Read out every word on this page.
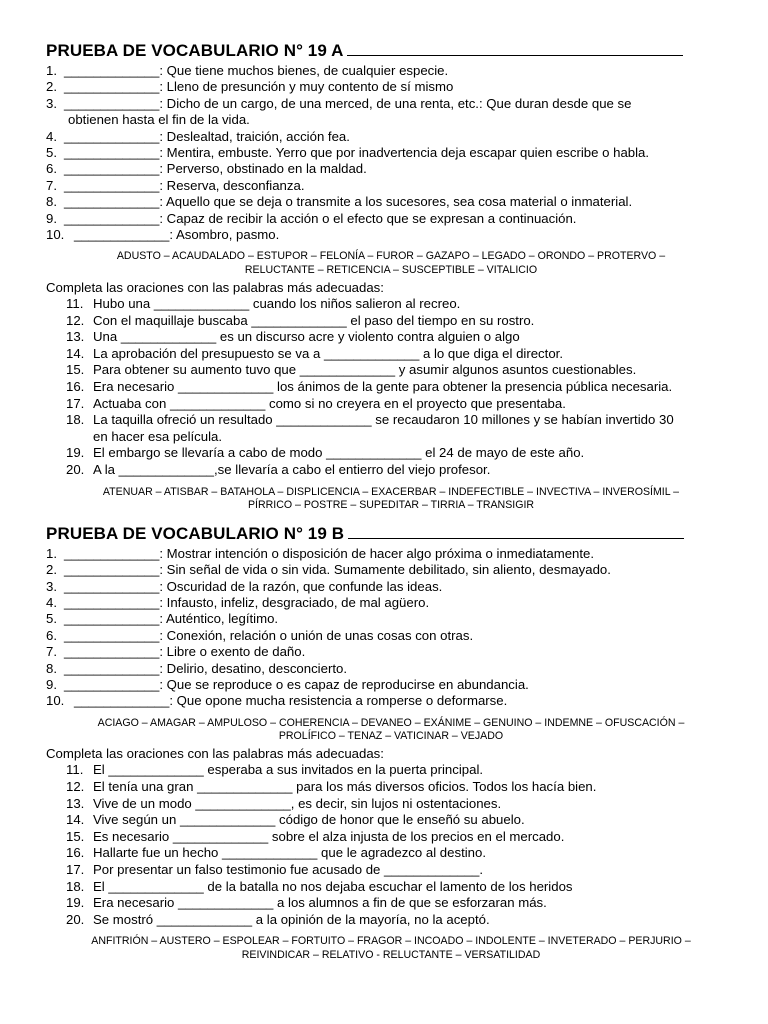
PRUEBA DE VOCABULARIO N° 19 A
1. _____________: Que tiene muchos bienes, de cualquier especie.
2. _____________: Lleno de presunción y muy contento de sí mismo
3. _____________: Dicho de un cargo, de una merced, de una renta, etc.: Que duran desde que se
obtienen hasta el fin de la vida.
4. _____________: Deslealtad, traición, acción fea.
5. _____________: Mentira, embuste. Yerro que por inadvertencia deja escapar quien escribe o habla.
6. _____________: Perverso, obstinado en la maldad.
7. _____________: Reserva, desconfianza.
8. _____________: Aquello que se deja o transmite a los sucesores, sea cosa material o inmaterial.
9. _____________: Capaz de recibir la acción o el efecto que se expresan a continuación.
10. _____________: Asombro, pasmo.
ADUSTO – ACAUDALADO – ESTUPOR – FELONÍA – FUROR – GAZAPO – LEGADO – ORONDO – PROTERVO –
RELUCTANTE – RETICENCIA – SUSCEPTIBLE – VITALICIO
Completa las oraciones con las palabras más adecuadas:
11. Hubo una _____________ cuando los niños salieron al recreo.
12. Con el maquillaje buscaba _____________ el paso del tiempo en su rostro.
13. Una _____________ es un discurso acre y violento contra alguien o algo
14. La aprobación del presupuesto se va a _____________ a lo que diga el director.
15. Para obtener su aumento tuvo que _____________ y asumir algunos asuntos cuestionables.
16. Era necesario _____________ los ánimos de la gente para obtener la presencia pública necesaria.
17. Actuaba con _____________ como si no creyera en el proyecto que presentaba.
18. La taquilla ofreció un resultado _____________ se recaudaron 10 millones y se habían invertido 30
en hacer esa película.
19. El embargo se llevaría a cabo de modo _____________ el 24 de mayo de este año.
20. A la _____________,se llevaría a cabo el entierro del viejo profesor.
ATENUAR – ATISBAR – BATAHOLA – DISPLICENCIA – EXACERBAR – INDEFECTIBLE – INVECTIVA – INVEROSÍMIL –
PÍRRICO – POSTRE – SUPEDITAR – TIRRIA – TRANSIGIR
PRUEBA DE VOCABULARIO N° 19 B
1. _____________: Mostrar intención o disposición de hacer algo próxima o inmediatamente.
2. _____________: Sin señal de vida o sin vida. Sumamente debilitado, sin aliento, desmayado.
3. _____________: Oscuridad de la razón, que confunde las ideas.
4. _____________: Infausto, infeliz, desgraciado, de mal agüero.
5. _____________: Auténtico, legítimo.
6. _____________: Conexión, relación o unión de unas cosas con otras.
7. _____________: Libre o exento de daño.
8. _____________: Delirio, desatino, desconcierto.
9. _____________: Que se reproduce o es capaz de reproducirse en abundancia.
10. _____________: Que opone mucha resistencia a romperse o deformarse.
ACIAGO – AMAGAR – AMPULOSO – COHERENCIA – DEVANEO – EXÁNIME – GENUINO – INDEMNE – OFUSCACIÓN –
PROLÍFICO – TENAZ – VATICINAR – VEJADO
Completa las oraciones con las palabras más adecuadas:
11. El _____________ esperaba a sus invitados en la puerta principal.
12. El tenía una gran _____________ para los más diversos oficios. Todos los hacía bien.
13. Vive de un modo _____________, es decir, sin lujos ni ostentaciones.
14. Vive según un _____________ código de honor que le enseñó su abuelo.
15. Es necesario _____________ sobre el alza injusta de los precios en el mercado.
16. Hallarte fue un hecho _____________ que le agradezco al destino.
17. Por presentar un falso testimonio fue acusado de _____________.
18. El _____________ de la batalla no nos dejaba escuchar el lamento de los heridos
19. Era necesario _____________ a los alumnos a fin de que se esforzaran más.
20. Se mostró _____________ a la opinión de la mayoría, no la aceptó.
ANFITRIÓN – AUSTERO – ESPOLEAR – FORTUITO – FRAGOR – INCOADO – INDOLENTE – INVETERADO – PERJURIO –
REIVINDICAR – RELATIVO - RELUCTANTE – VERSATILIDAD
